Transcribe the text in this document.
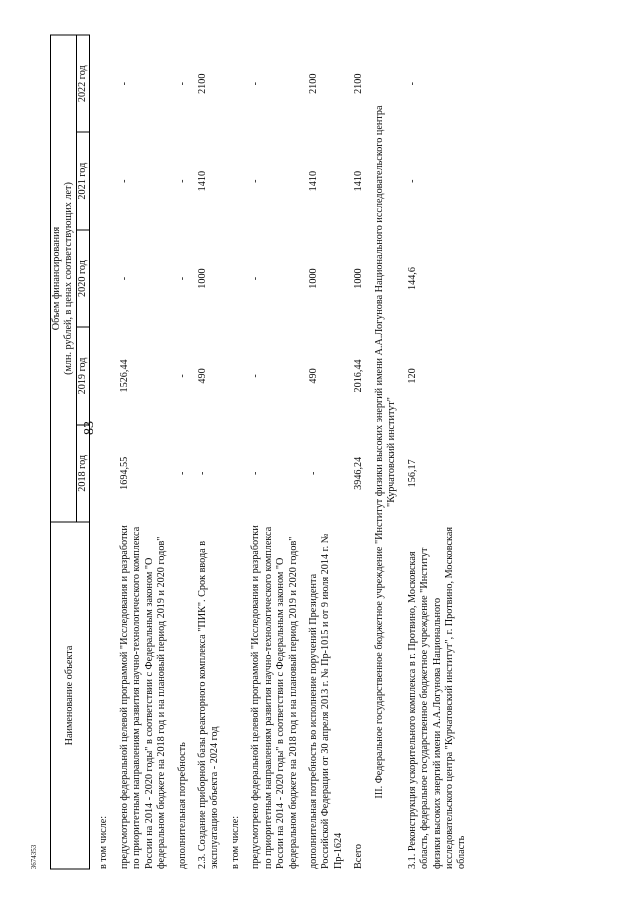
83
Наименование объекта	Объем финансирования (млн. рублей, в ценах соответствующих лет)				

	2018 год	2019 год	2020 год	2021 год	2022 год

в том числе:					

предусмотрено федеральной целевой программой "Исследования и разработки по приоритетным направлениям развития научно-технологического комплекса России на 2014 - 2020 годы" в соответствии с Федеральным законом "О федеральном бюджете на 2018 год и на плановый период 2019 и 2020 годов"	1694,55	1526,44	-	-	-

дополнительная потребность	-	-	-	-	-

2.3. Создание приборной базы реакторного комплекса "ПИК". Срок ввода в эксплуатацию объекта - 2024 год	-	490	1000	1410	2100

в том числе:					

предусмотрено федеральной целевой программой "Исследования и разработки по приоритетным направлениям развития научно-технологического комплекса России на 2014 - 2020 годы" в соответствии с Федеральным законом "О федеральном бюджете на 2018 год и на плановый период 2019 и 2020 годов"	-	-	-	-	-

дополнительная потребность во исполнение поручений Президента Российской Федерации от 30 апреля 2013 г. № Пр-1015 и от 9 июля 2014 г. № Пр-1624	-	490	1000	1410	2100

Всего	3946,24	2016,44	1000	1410	2100

III. Федеральное государственное бюджетное учреждение "Институт физики высоких энергий имени А.А.Логунова Национального исследовательского центра "Курчатовский институт"					

3.1. Реконструкция ускорительного комплекса в г. Протвино, Московская область, федеральное государственное бюджетное учреждение "Институт физики высоких энергий имени А.А.Логунова Национального исследовательского центра "Курчатовский институт", г. Протвино, Московская область	156,17	120	144,6	-	-
3674353
